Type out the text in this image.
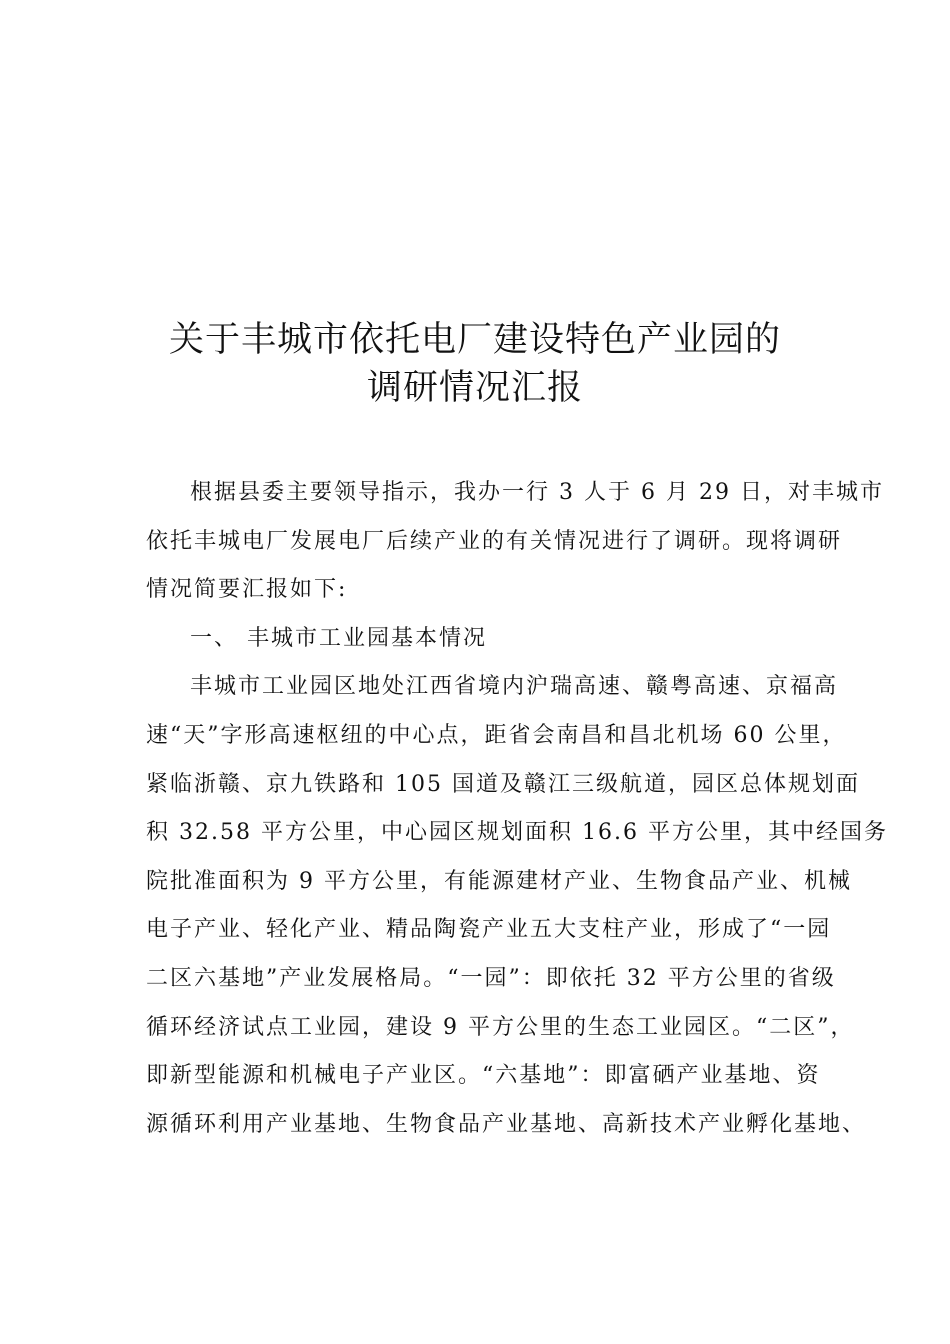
关于丰城市依托电厂建设特色产业园的
调研情况汇报
根据县委主要领导指示，我办一行 3 人于 6 月 29 日，对丰城市
依托丰城电厂发展电厂后续产业的有关情况进行了调研。现将调研
情况简要汇报如下:
一、 丰城市工业园基本情况
丰城市工业园区地处江西省境内沪瑞高速、赣粤高速、京福高
速“天”字形高速枢纽的中心点，距省会南昌和昌北机场 60 公里，
紧临浙赣、京九铁路和 105 国道及赣江三级航道，园区总体规划面
积 32.58 平方公里，中心园区规划面积 16.6 平方公里，其中经国务
院批准面积为 9 平方公里，有能源建材产业、生物食品产业、机械
电子产业、轻化产业、精品陶瓷产业五大支柱产业，形成了“一园
二区六基地”产业发展格局。“一园”：即依托 32 平方公里的省级
循环经济试点工业园，建设 9 平方公里的生态工业园区。“二区”，
即新型能源和机械电子产业区。“六基地”：即富硒产业基地、资
源循环利用产业基地、生物食品产业基地、高新技术产业孵化基地、
